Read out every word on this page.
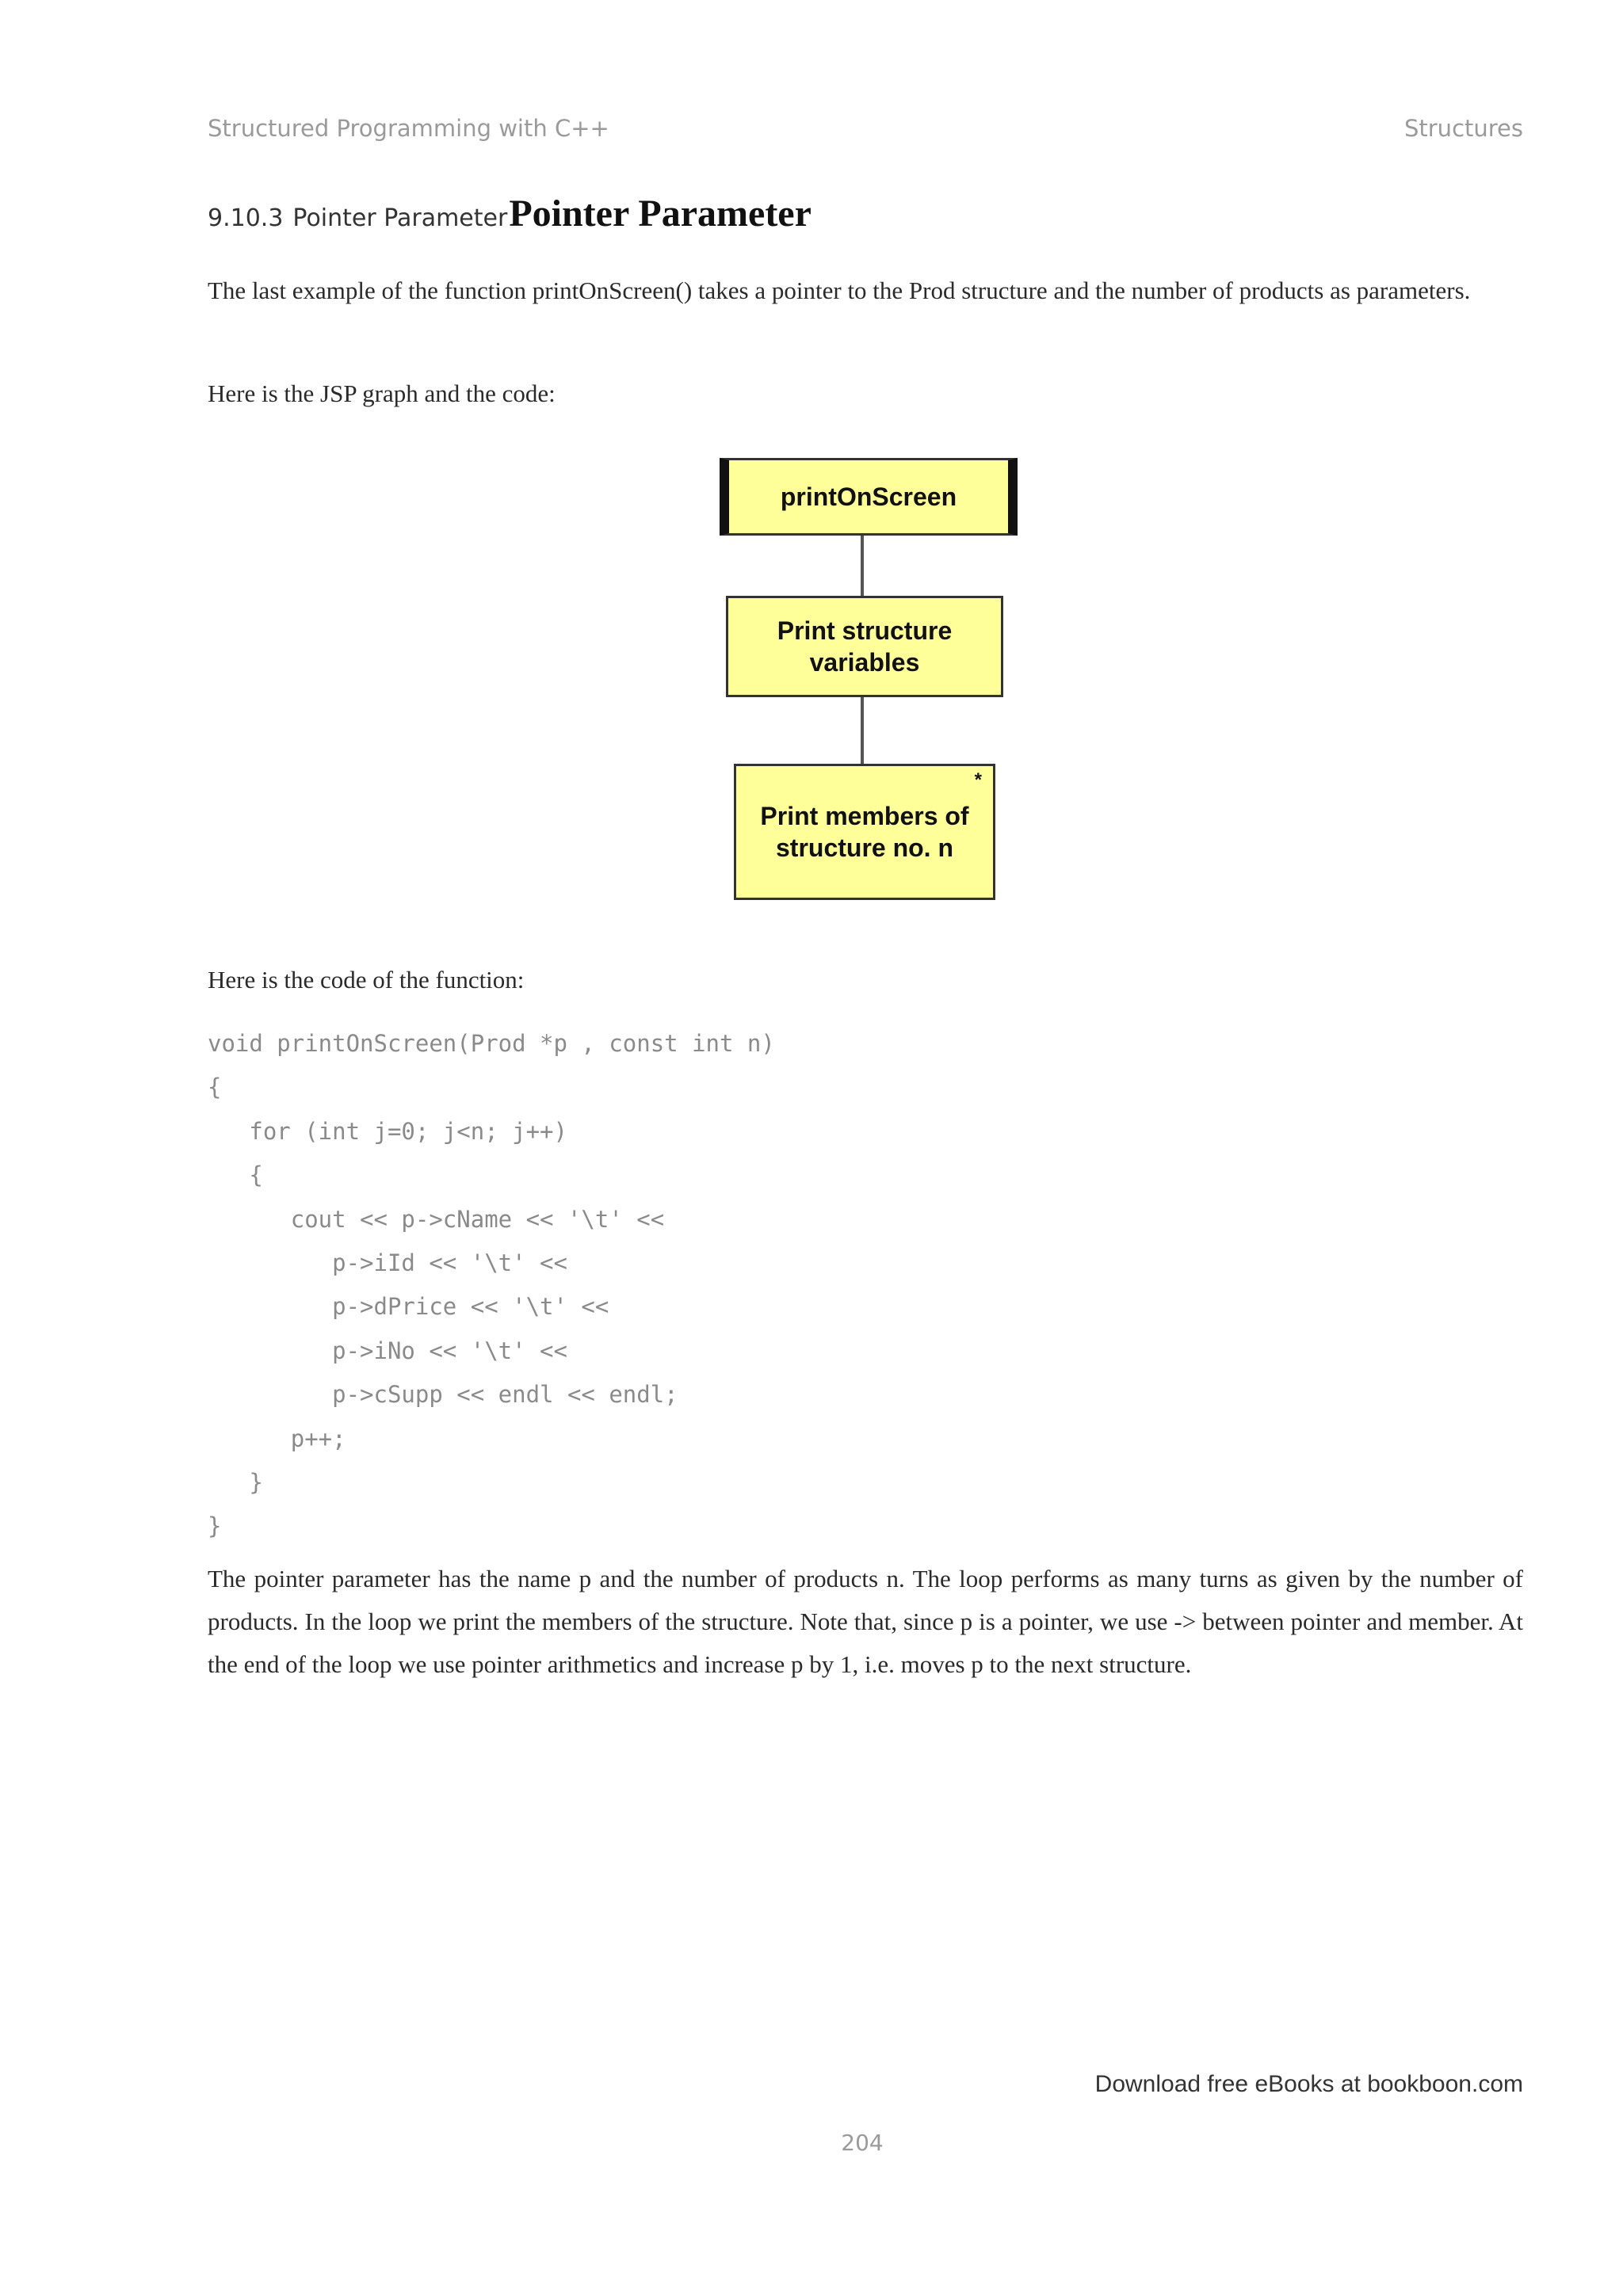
Structured Programming with C++	Structures
9.10.3 Pointer Parameter Pointer Parameter

The last example of the function printOnScreen() takes a pointer to the Prod structure and the number of products as parameters.

Here is the JSP graph and the code:

printOnScreen
Print structure variables
*
Print members of structure no. n

Here is the code of the function:

void printOnScreen(Prod *p , const int n)
{
for (int j=0; j<n; j++)
{
cout << p->cName << '\t' <<
p->iId << '\t' <<
p->dPrice << '\t' <<
p->iNo << '\t' <<
p->cSupp << endl << endl;
p++;
}
}

The pointer parameter has the name p and the number of products n. The loop performs as many turns as given by the number of products. In the loop we print the members of the structure. Note that, since p is a pointer, we use -> between pointer and member. At the end of the loop we use pointer arithmetics and increase p by 1, i.e. moves p to the next structure.

Download free eBooks at bookboon.com
204
